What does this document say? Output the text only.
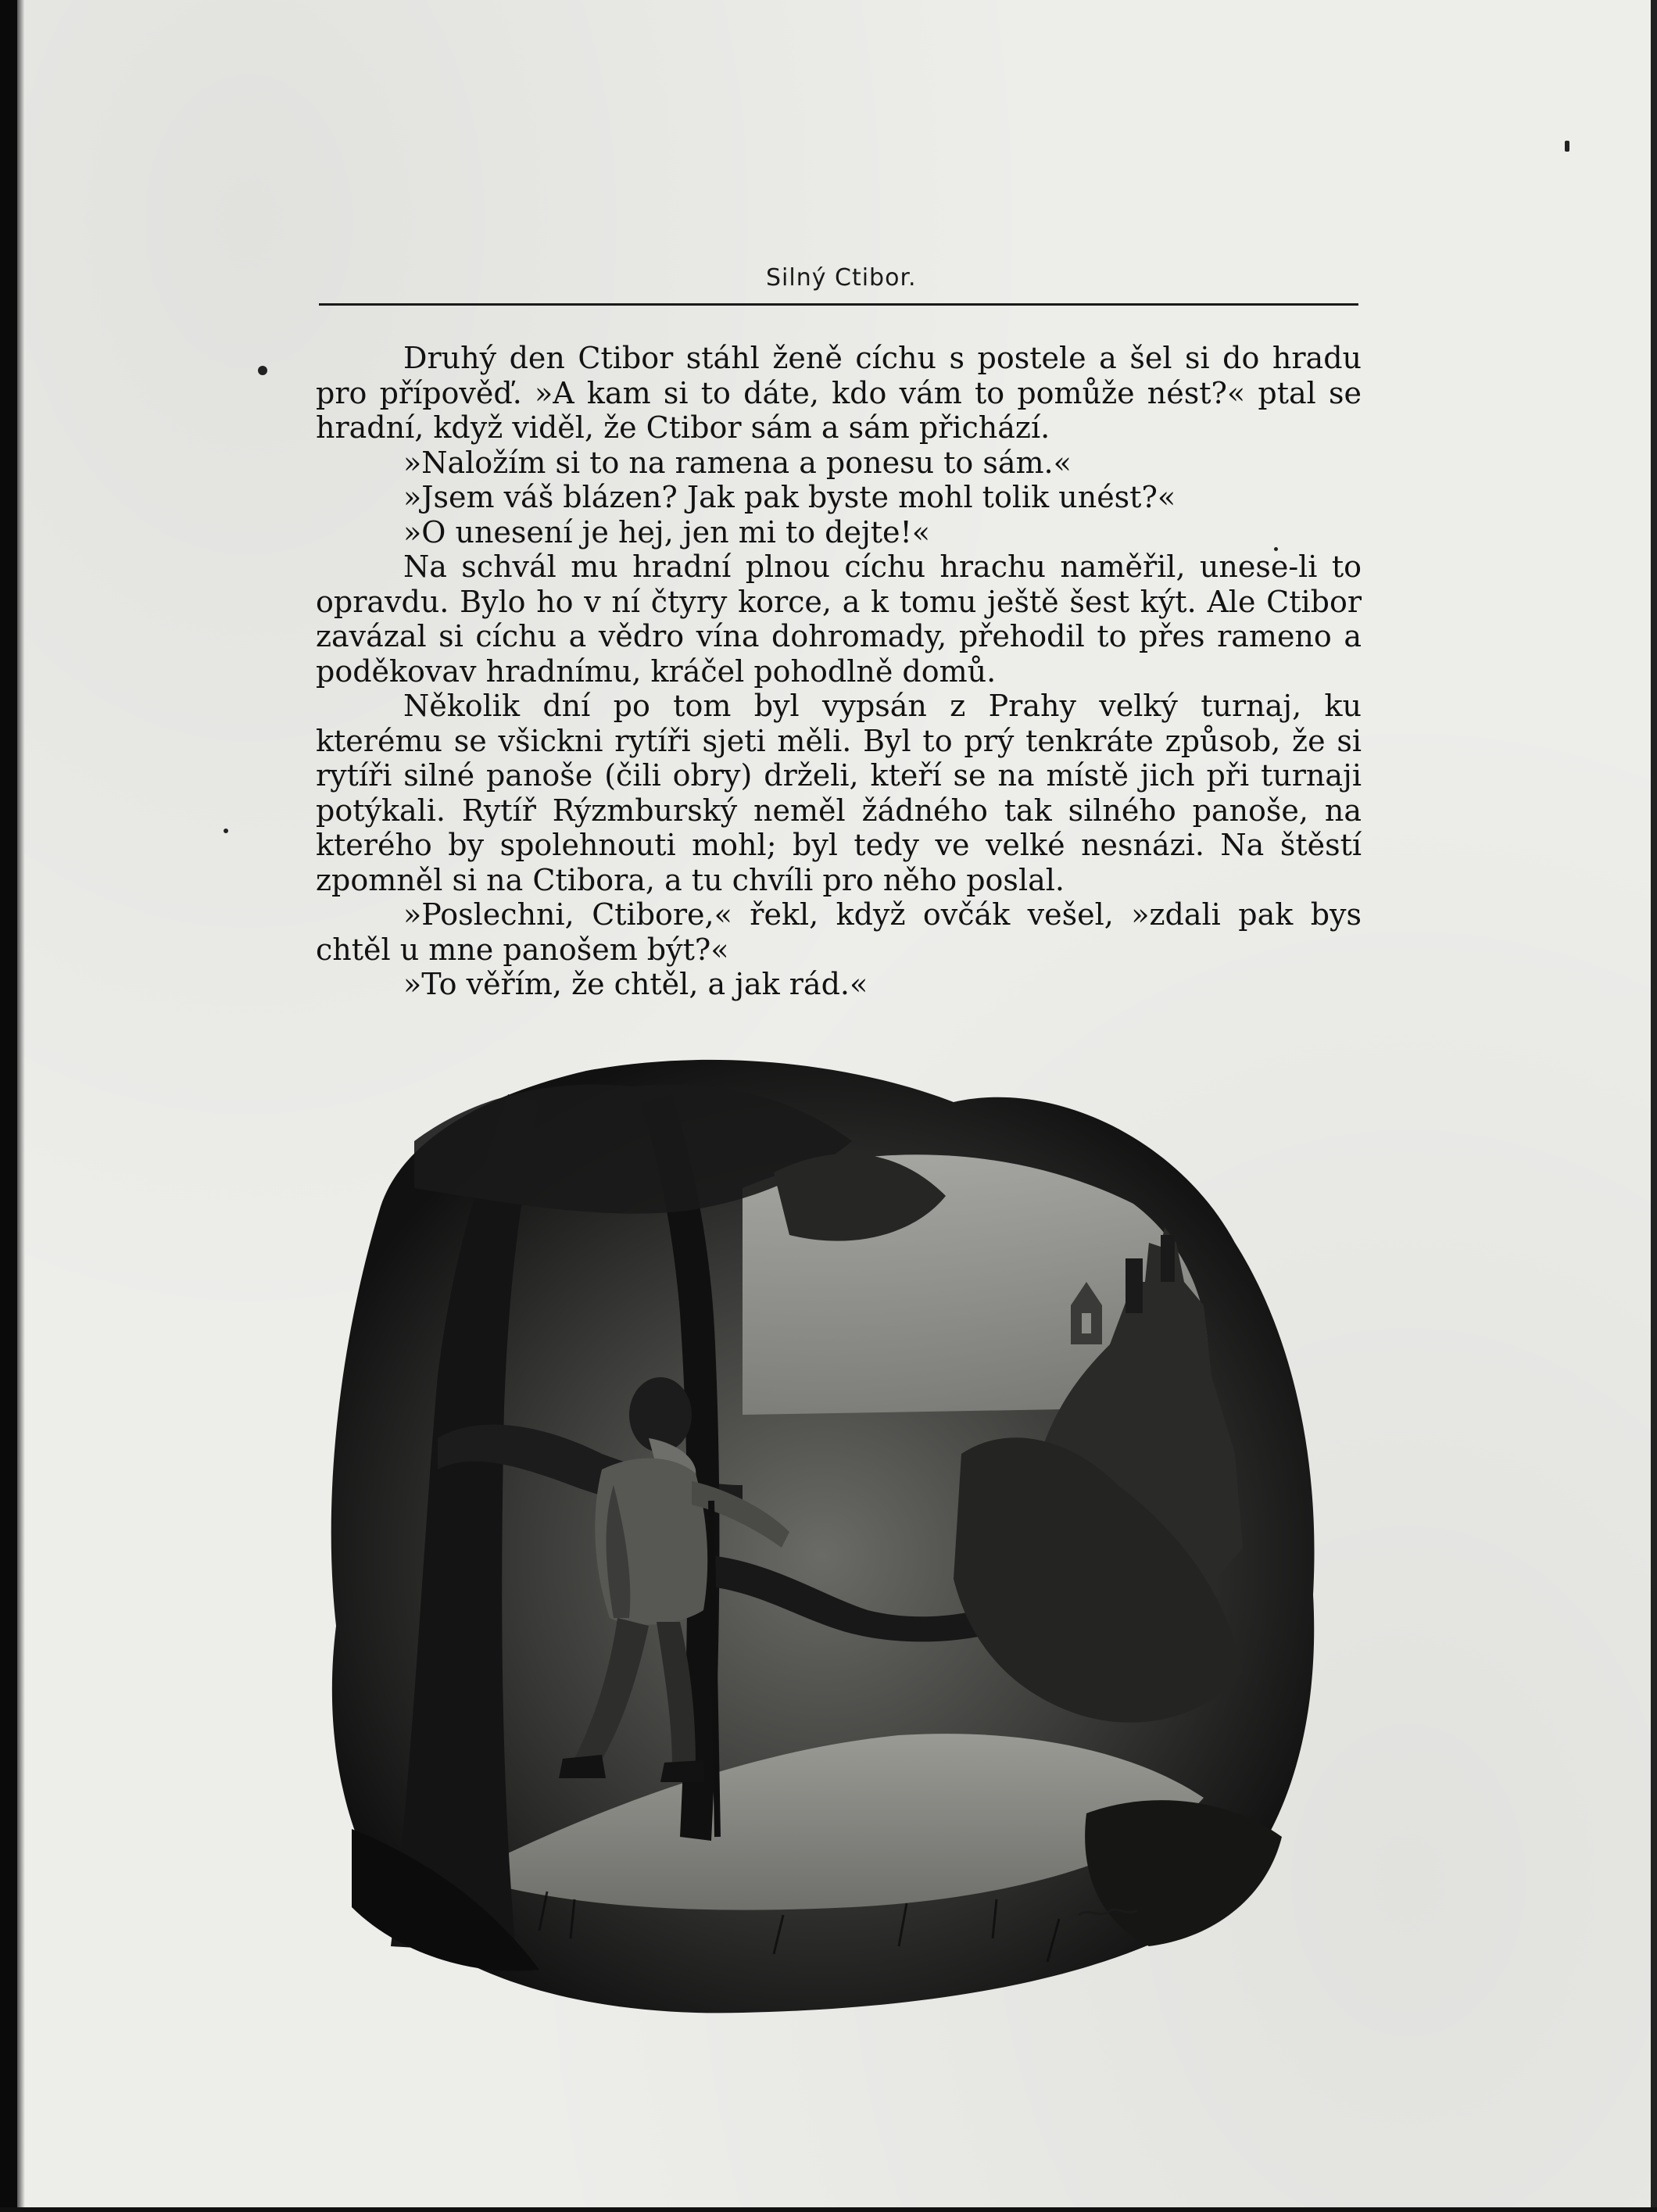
Silný Ctibor.

Druhý den Ctibor stáhl ženě cíchu s postele a šel si do hradu pro přípověď. »A kam si to dáte, kdo vám to pomůže nést?« ptal se hradní, když viděl, že Ctibor sám a sám přichází.

»Naložím si to na ramena a ponesu to sám.«

»Jsem váš blázen? Jak pak byste mohl tolik unést?«

»O unesení je hej, jen mi to dejte!«

Na schvál mu hradní plnou cíchu hrachu naměřil, unese-li to opravdu. Bylo ho v ní čtyry korce, a k tomu ještě šest kýt. Ale Ctibor zavázal si cíchu a vědro vína dohromady, přehodil to přes rameno a poděkovav hradnímu, kráčel pohodlně domů.

Několik dní po tom byl vypsán z Prahy velký turnaj, ku kterému se všickni rytíři sjeti měli. Byl to prý tenkráte způsob, že si rytíři silné panoše (čili obry) drželi, kteří se na místě jich při turnaji potýkali. Rytíř Rýzmburský neměl žádného tak silného panoše, na kterého by spolehnouti mohl; byl tedy ve velké nesnázi. Na štěstí zpomněl si na Ctibora, a tu chvíli pro něho poslal.

»Poslechni, Ctibore,« řekl, když ovčák vešel, »zdali pak bys chtěl u mne panošem být?«

»To věřím, že chtěl, a jak rád.«
